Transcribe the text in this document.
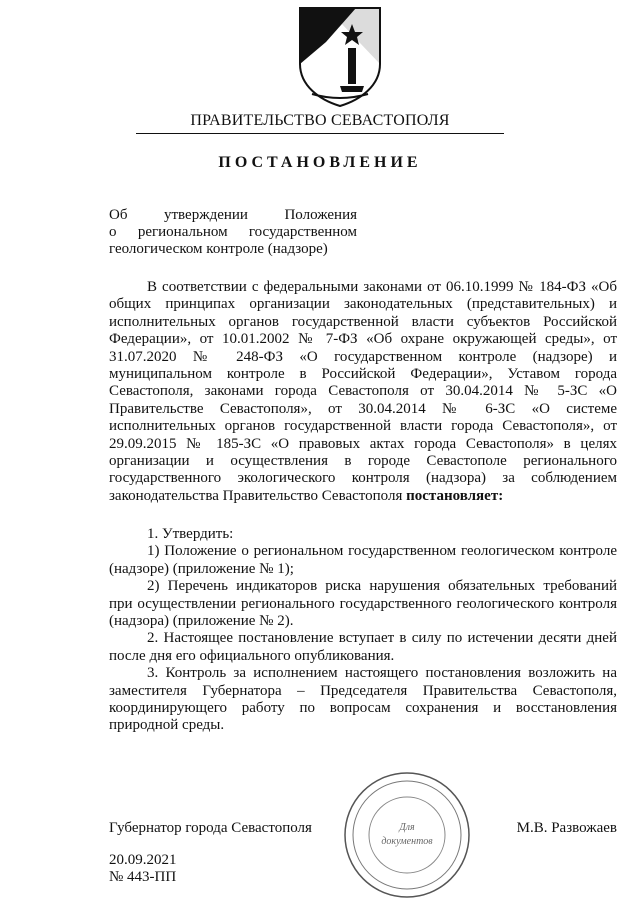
ПРАВИТЕЛЬСТВО СЕВАСТОПОЛЯ
ПОСТАНОВЛЕНИЕ
Об утверждении Положения
о региональном государственном
геологическом контроле (надзоре)

В соответствии с федеральными законами от 06.10.1999 № 184-ФЗ «Об общих принципах организации законодательных (представительных) и исполнительных органов государственной власти субъектов Российской Федерации», от 10.01.2002 № 7-ФЗ «Об охране окружающей среды», от 31.07.2020 № 248-ФЗ «О государственном контроле (надзоре) и муниципальном контроле в Российской Федерации», Уставом города Севастополя, законами города Севастополя от 30.04.2014 № 5-ЗС «О Правительстве Севастополя», от 30.04.2014 № 6-ЗС «О системе исполнительных органов государственной власти города Севастополя», от 29.09.2015 № 185-ЗС «О правовых актах города Севастополя» в целях организации и осуществления в городе Севастополе регионального государственного экологического контроля (надзора) за соблюдением законодательства Правительство Севастополя постановляет:

1. Утвердить:

1) Положение о региональном государственном геологическом контроле (надзоре) (приложение № 1);

2) Перечень индикаторов риска нарушения обязательных требований при осуществлении регионального государственного геологического контроля (надзора) (приложение № 2).

2. Настоящее постановление вступает в силу по истечении десяти дней после дня его официального опубликования.

3. Контроль за исполнением настоящего постановления возложить на заместителя Губернатора – Председателя Правительства Севастополя, координирующего работу по вопросам сохранения и восстановления природной среды.

Губернатор города Севастополя	М.В. Развожаев
Для
документов
20.09.2021
№ 443-ПП
